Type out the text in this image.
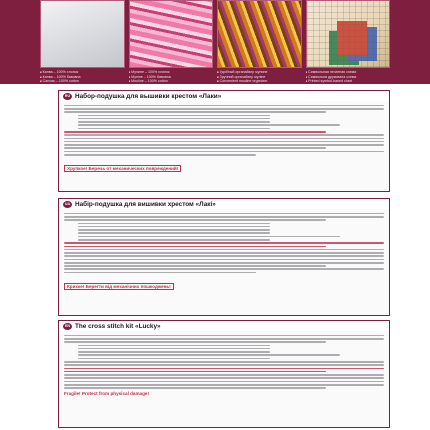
■ Канва – 100% хлопок
■ Канва – 100% бавовна
■ Canvas – 100% cotton
■ Мулине – 100% хлопок
■ Муліне – 100% бавовна
■ Mouline – 100% cotton
■ Удобный органайзер мулине
■ Зручний органайзер муліне
■ Convenient mouline organizer
■ Символьная печатная схема
■ Символьна друкована схема
■ Printed symbol-based chart
RU Набор-подушка для вышивки крестом «Лаки»
Хрупкое! Беречь от механических повреждений!
UA Набір-подушка для вишивки хрестом «Лакі»
Крихке! Берегти від механічних пошкоджень!
EN The cross stitch kit «Lucky»
Fragile! Protect from physical damage!
